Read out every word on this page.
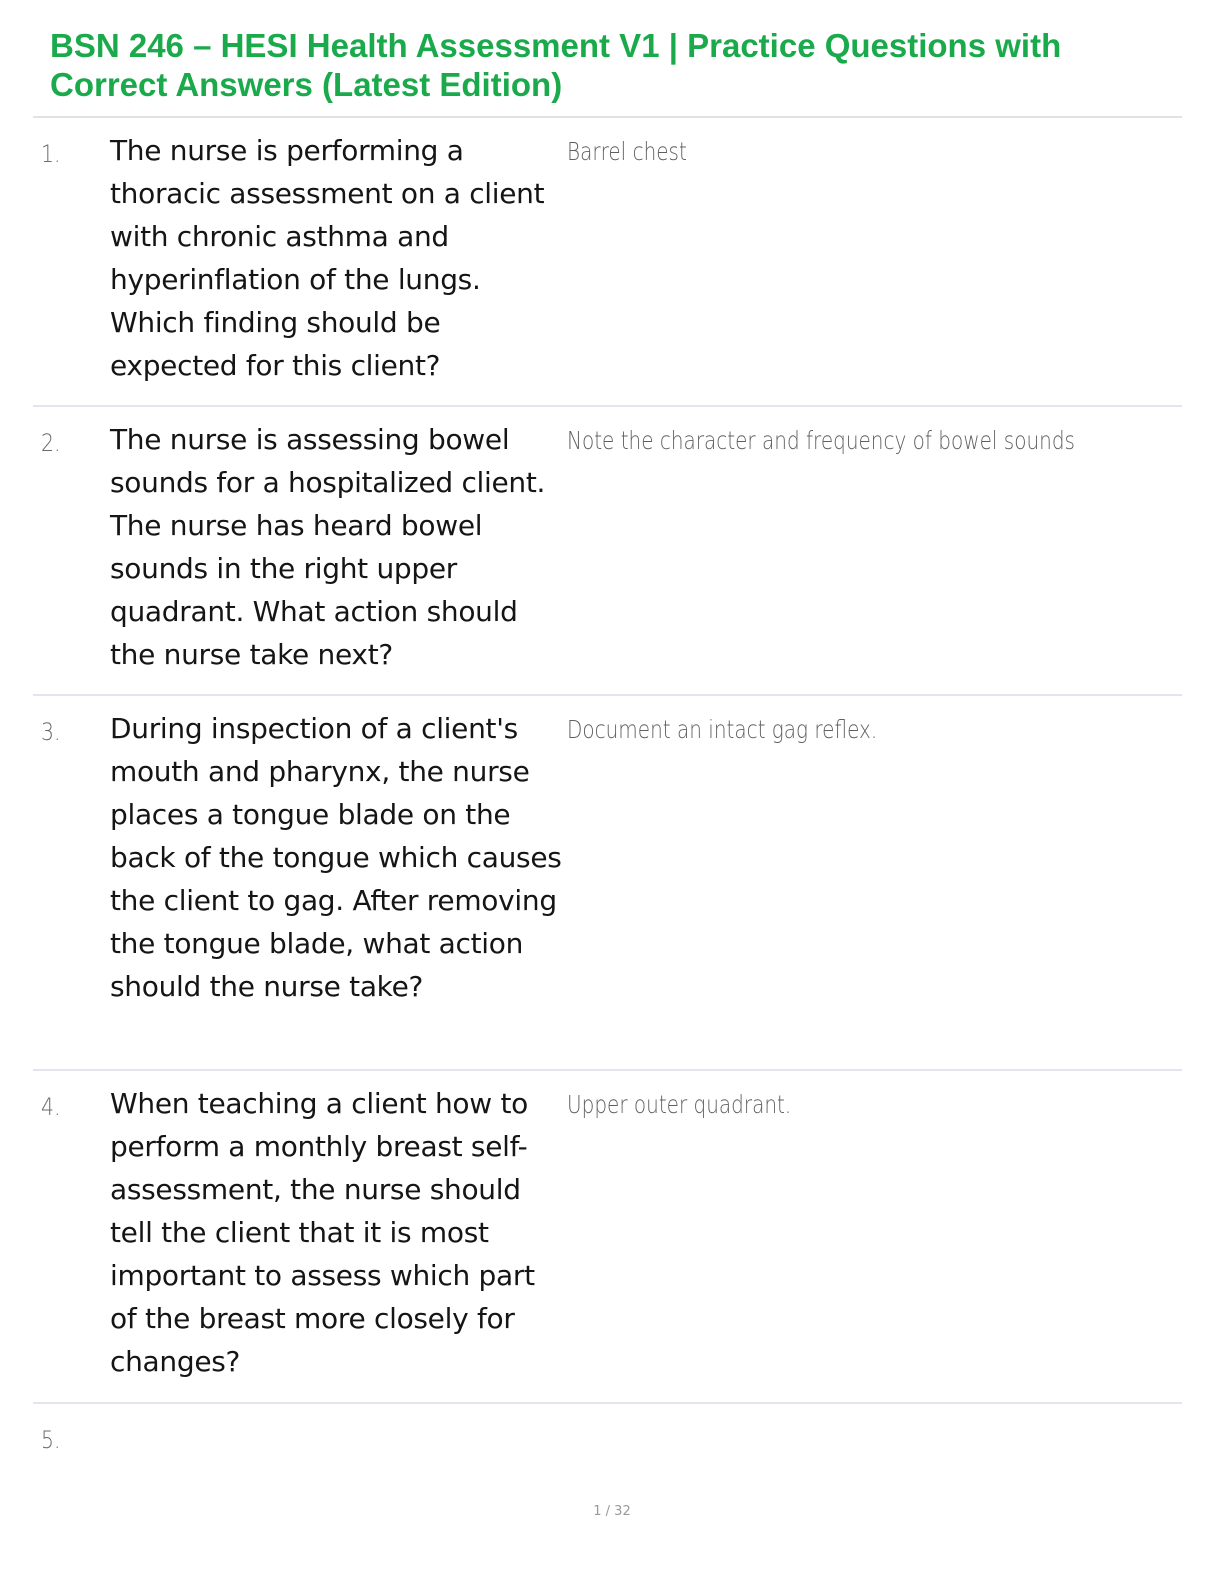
BSN 246 – HESI Health Assessment V1 | Practice Questions with Correct Answers (Latest Edition)
1. The nurse is performing a thoracic assessment on a client with chronic asthma and hyperinflation of the lungs. Which finding should be expected for this client?
Barrel chest
2. The nurse is assessing bowel sounds for a hospitalized client. The nurse has heard bowel sounds in the right upper quadrant. What action should the nurse take next?
Note the character and frequency of bowel sounds
3. During inspection of a client's mouth and pharynx, the nurse places a tongue blade on the back of the tongue which causes the client to gag. After removing the tongue blade, what action should the nurse take?
Document an intact gag reflex.
4. When teaching a client how to perform a monthly breast self-assessment, the nurse should tell the client that it is most important to assess which part of the breast more closely for changes?
Upper outer quadrant.
5.
1 / 32
